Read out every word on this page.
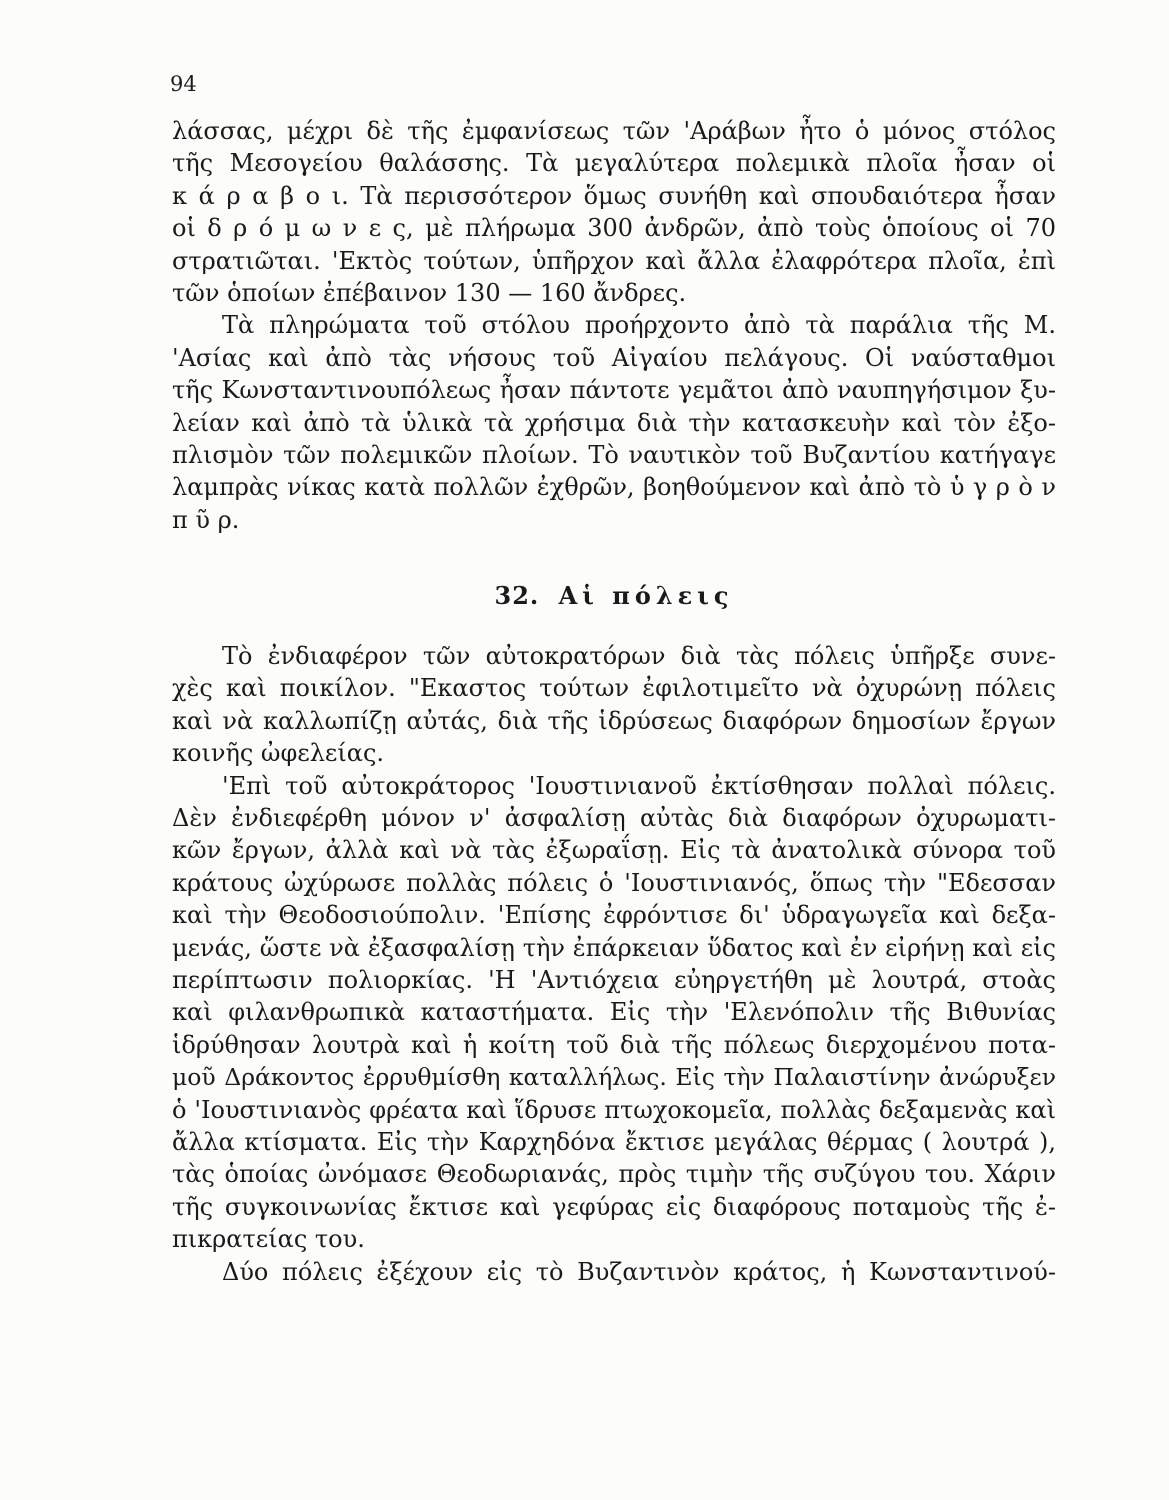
94
λάσσας, μέχρι δὲ τῆς ἐμφανίσεως τῶν 'Αράβων ἦτο ὁ μόνος στόλος
τῆς Μεσογείου θαλάσσης. Τὰ μεγαλύτερα πολεμικὰ πλοῖα ἦσαν οἱ
κ ά ρ α β ο ι. Τὰ περισσότερον ὅμως συνήθη καὶ σπουδαιότερα ἦσαν
οἱ δ ρ ό μ ω ν ε ς, μὲ πλήρωμα 300 ἀνδρῶν, ἀπὸ τοὺς ὁποίους οἱ 70
στρατιῶται. 'Εκτὸς τούτων, ὑπῆρχον καὶ ἄλλα ἐλαφρότερα πλοῖα, ἐπὶ
τῶν ὁποίων ἐπέβαινον 130 — 160 ἄνδρες.
Τὰ πληρώματα τοῦ στόλου προήρχοντο ἀπὸ τὰ παράλια τῆς Μ.
'Ασίας καὶ ἀπὸ τὰς νήσους τοῦ Αἰγαίου πελάγους. Οἱ ναύσταθμοι
τῆς Κωνσταντινουπόλεως ἦσαν πάντοτε γεμᾶτοι ἀπὸ ναυπηγήσιμον ξυ-
λείαν καὶ ἀπὸ τὰ ὑλικὰ τὰ χρήσιμα διὰ τὴν κατασκευὴν καὶ τὸν ἐξο-
πλισμὸν τῶν πολεμικῶν πλοίων. Τὸ ναυτικὸν τοῦ Βυζαντίου κατήγαγε
λαμπρὰς νίκας κατὰ πολλῶν ἐχθρῶν, βοηθούμενον καὶ ἀπὸ τὸ ὑ γ ρ ὸ ν
π ῦ ρ.
32. Αἱ πόλεις
Τὸ ἐνδιαφέρον τῶν αὐτοκρατόρων διὰ τὰς πόλεις ὑπῆρξε συνε-
χὲς καὶ ποικίλον. "Εκαστος τούτων ἐφιλοτιμεῖτο νὰ ὀχυρώνῃ πόλεις
καὶ νὰ καλλωπίζῃ αὐτάς, διὰ τῆς ἱδρύσεως διαφόρων δημοσίων ἔργων
κοινῆς ὠφελείας.
'Επὶ τοῦ αὐτοκράτορος 'Ιουστινιανοῦ ἐκτίσθησαν πολλαὶ πόλεις.
Δὲν ἐνδιεφέρθη μόνον ν' ἀσφαλίσῃ αὐτὰς διὰ διαφόρων ὀχυρωματι-
κῶν ἔργων, ἀλλὰ καὶ νὰ τὰς ἐξωραΐσῃ. Εἰς τὰ ἀνατολικὰ σύνορα τοῦ
κράτους ὠχύρωσε πολλὰς πόλεις ὁ 'Ιουστινιανός, ὅπως τὴν "Εδεσσαν
καὶ τὴν Θεοδοσιούπολιν. 'Επίσης ἐφρόντισε δι' ὑδραγωγεῖα καὶ δεξα-
μενάς, ὥστε νὰ ἐξασφαλίσῃ τὴν ἐπάρκειαν ὕδατος καὶ ἐν εἰρήνῃ καὶ εἰς
περίπτωσιν πολιορκίας. 'Η 'Αντιόχεια εὐηργετήθη μὲ λουτρά, στοὰς
καὶ φιλανθρωπικὰ καταστήματα. Εἰς τὴν 'Ελενόπολιν τῆς Βιθυνίας
ἱδρύθησαν λουτρὰ καὶ ἡ κοίτη τοῦ διὰ τῆς πόλεως διερχομένου ποτα-
μοῦ Δράκοντος ἐρρυθμίσθη καταλλήλως. Εἰς τὴν Παλαιστίνην ἀνώρυξεν
ὁ 'Ιουστινιανὸς φρέατα καὶ ἵδρυσε πτωχοκομεῖα, πολλὰς δεξαμενὰς καὶ
ἄλλα κτίσματα. Εἰς τὴν Καρχηδόνα ἔκτισε μεγάλας θέρμας ( λουτρά ),
τὰς ὁποίας ὠνόμασε Θεοδωριανάς, πρὸς τιμὴν τῆς συζύγου του. Χάριν
τῆς συγκοινωνίας ἔκτισε καὶ γεφύρας εἰς διαφόρους ποταμοὺς τῆς ἐ-
πικρατείας του.
Δύο πόλεις ἐξέχουν εἰς τὸ Βυζαντινὸν κράτος, ἡ Κωνσταντινού-
